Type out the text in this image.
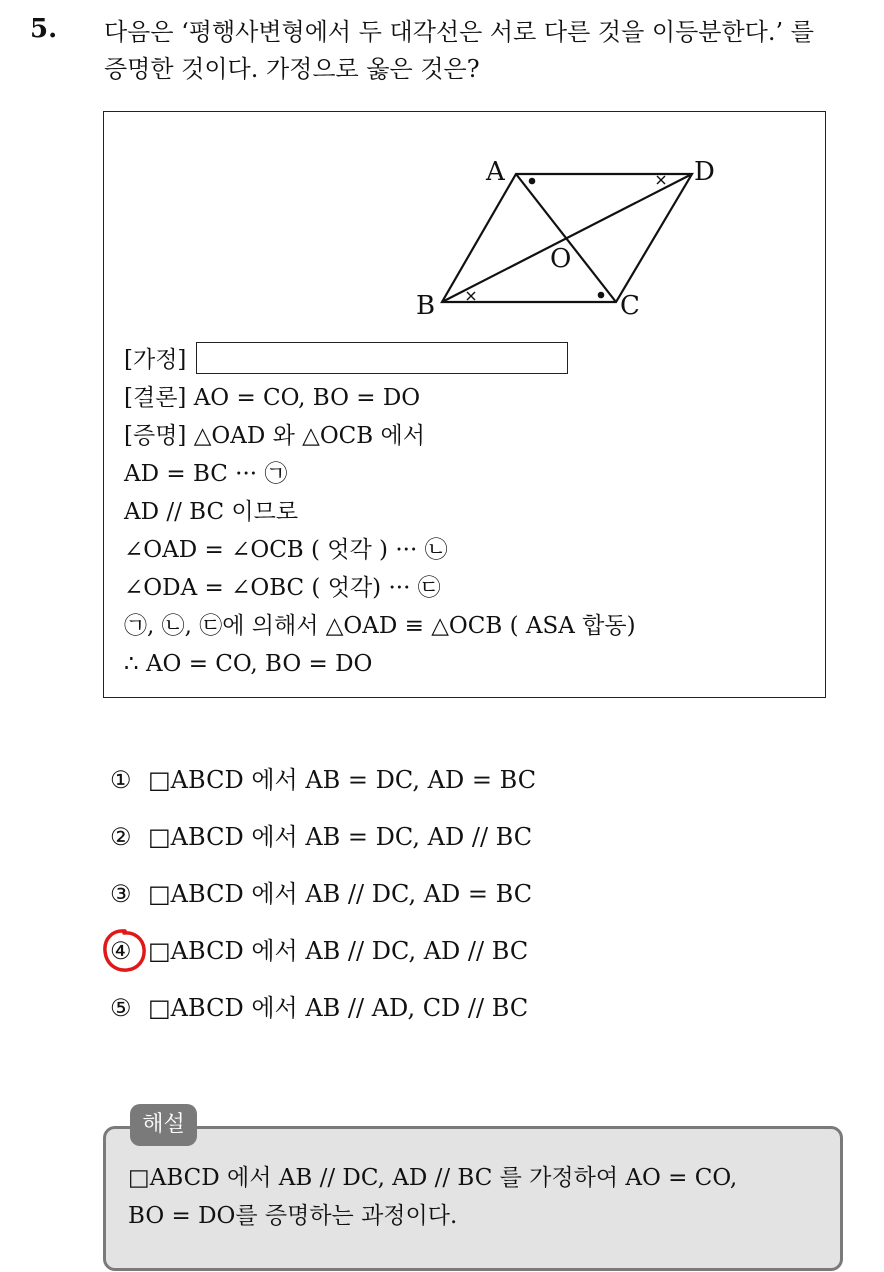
5. 다음은 ‘평행사변형에서 두 대각선은 서로 다른 것을 이등분한다.’ 를
증명한 것이다. 가정으로 옳은 것은?
A	D
B	C
O
[가정]
[결론] AO = CO, BO = DO
[증명] △OAD 와 △OCB 에서
AD = BC ··· ㉠
AD // BC 이므로
∠OAD = ∠OCB ( 엇각 ) ··· ㉡
∠ODA = ∠OBC ( 엇각) ··· ㉢
㉠, ㉡, ㉢에 의해서 △OAD ≡ △OCB ( ASA 합동)
∴ AO = CO, BO = DO
① □ABCD 에서 AB = DC, AD = BC
② □ABCD 에서 AB = DC, AD // BC
③ □ABCD 에서 AB // DC, AD = BC
④ □ABCD 에서 AB // DC, AD // BC
⑤ □ABCD 에서 AB // AD, CD // BC
□ABCD 에서 AB // DC, AD // BC 를 가정하여 AO = CO,
BO = DO를 증명하는 과정이다.
해설
